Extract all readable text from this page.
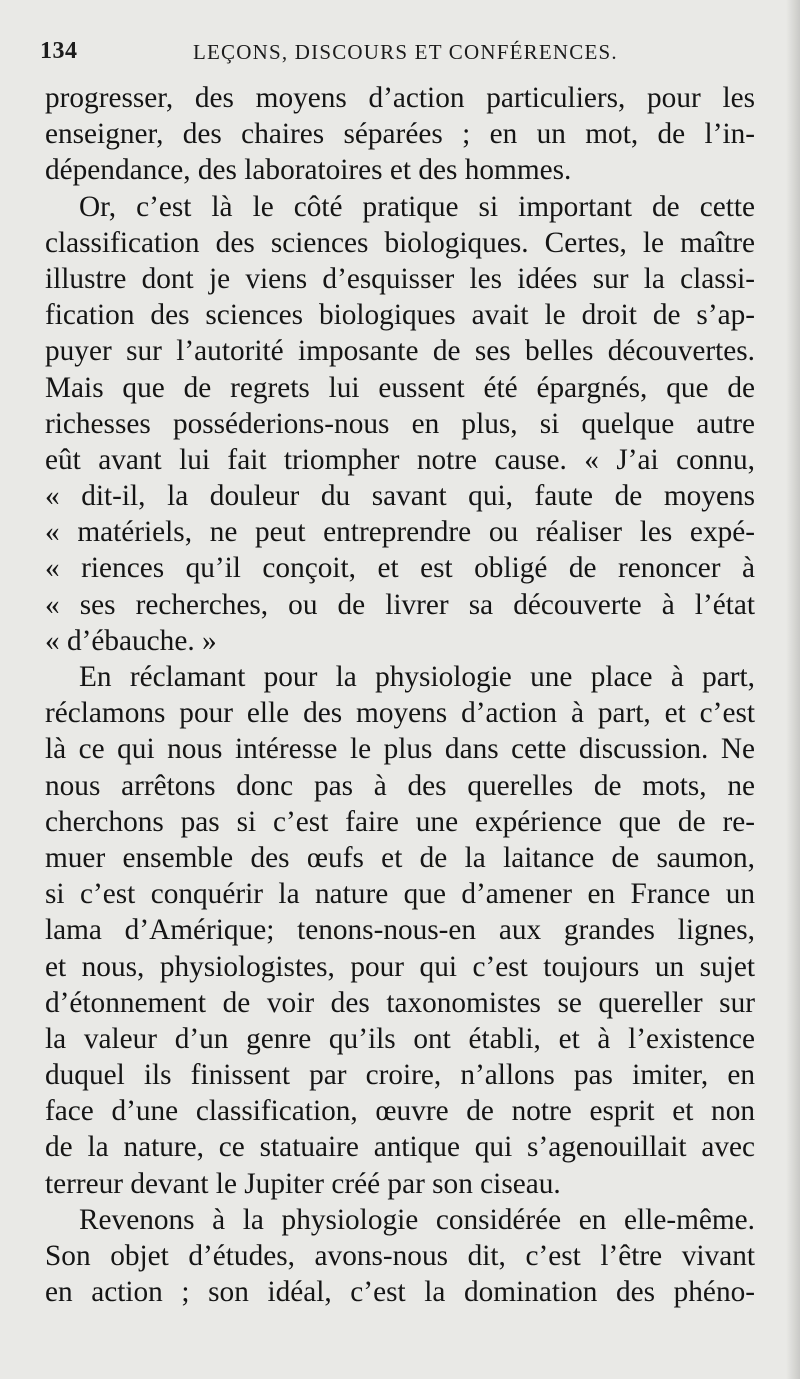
134	LEÇONS, DISCOURS ET CONFÉRENCES.
progresser, des moyens d’action particuliers, pour les
enseigner, des chaires séparées ; en un mot, de l’in-
dépendance, des laboratoires et des hommes.
Or, c’est là le côté pratique si important de cette
classification des sciences biologiques. Certes, le maître
illustre dont je viens d’esquisser les idées sur la classi-
fication des sciences biologiques avait le droit de s’ap-
puyer sur l’autorité imposante de ses belles découvertes.
Mais que de regrets lui eussent été épargnés, que de
richesses posséderions-nous en plus, si quelque autre
eût avant lui fait triompher notre cause. « J’ai connu,
« dit-il, la douleur du savant qui, faute de moyens
« matériels, ne peut entreprendre ou réaliser les expé-
« riences qu’il conçoit, et est obligé de renoncer à
« ses recherches, ou de livrer sa découverte à l’état
« d’ébauche. »
En réclamant pour la physiologie une place à part,
réclamons pour elle des moyens d’action à part, et c’est
là ce qui nous intéresse le plus dans cette discussion. Ne
nous arrêtons donc pas à des querelles de mots, ne
cherchons pas si c’est faire une expérience que de re-
muer ensemble des œufs et de la laitance de saumon,
si c’est conquérir la nature que d’amener en France un
lama d’Amérique; tenons-nous-en aux grandes lignes,
et nous, physiologistes, pour qui c’est toujours un sujet
d’étonnement de voir des taxonomistes se quereller sur
la valeur d’un genre qu’ils ont établi, et à l’existence
duquel ils finissent par croire, n’allons pas imiter, en
face d’une classification, œuvre de notre esprit et non
de la nature, ce statuaire antique qui s’agenouillait avec
terreur devant le Jupiter créé par son ciseau.
Revenons à la physiologie considérée en elle-même.
Son objet d’études, avons-nous dit, c’est l’être vivant
en action ; son idéal, c’est la domination des phéno-
